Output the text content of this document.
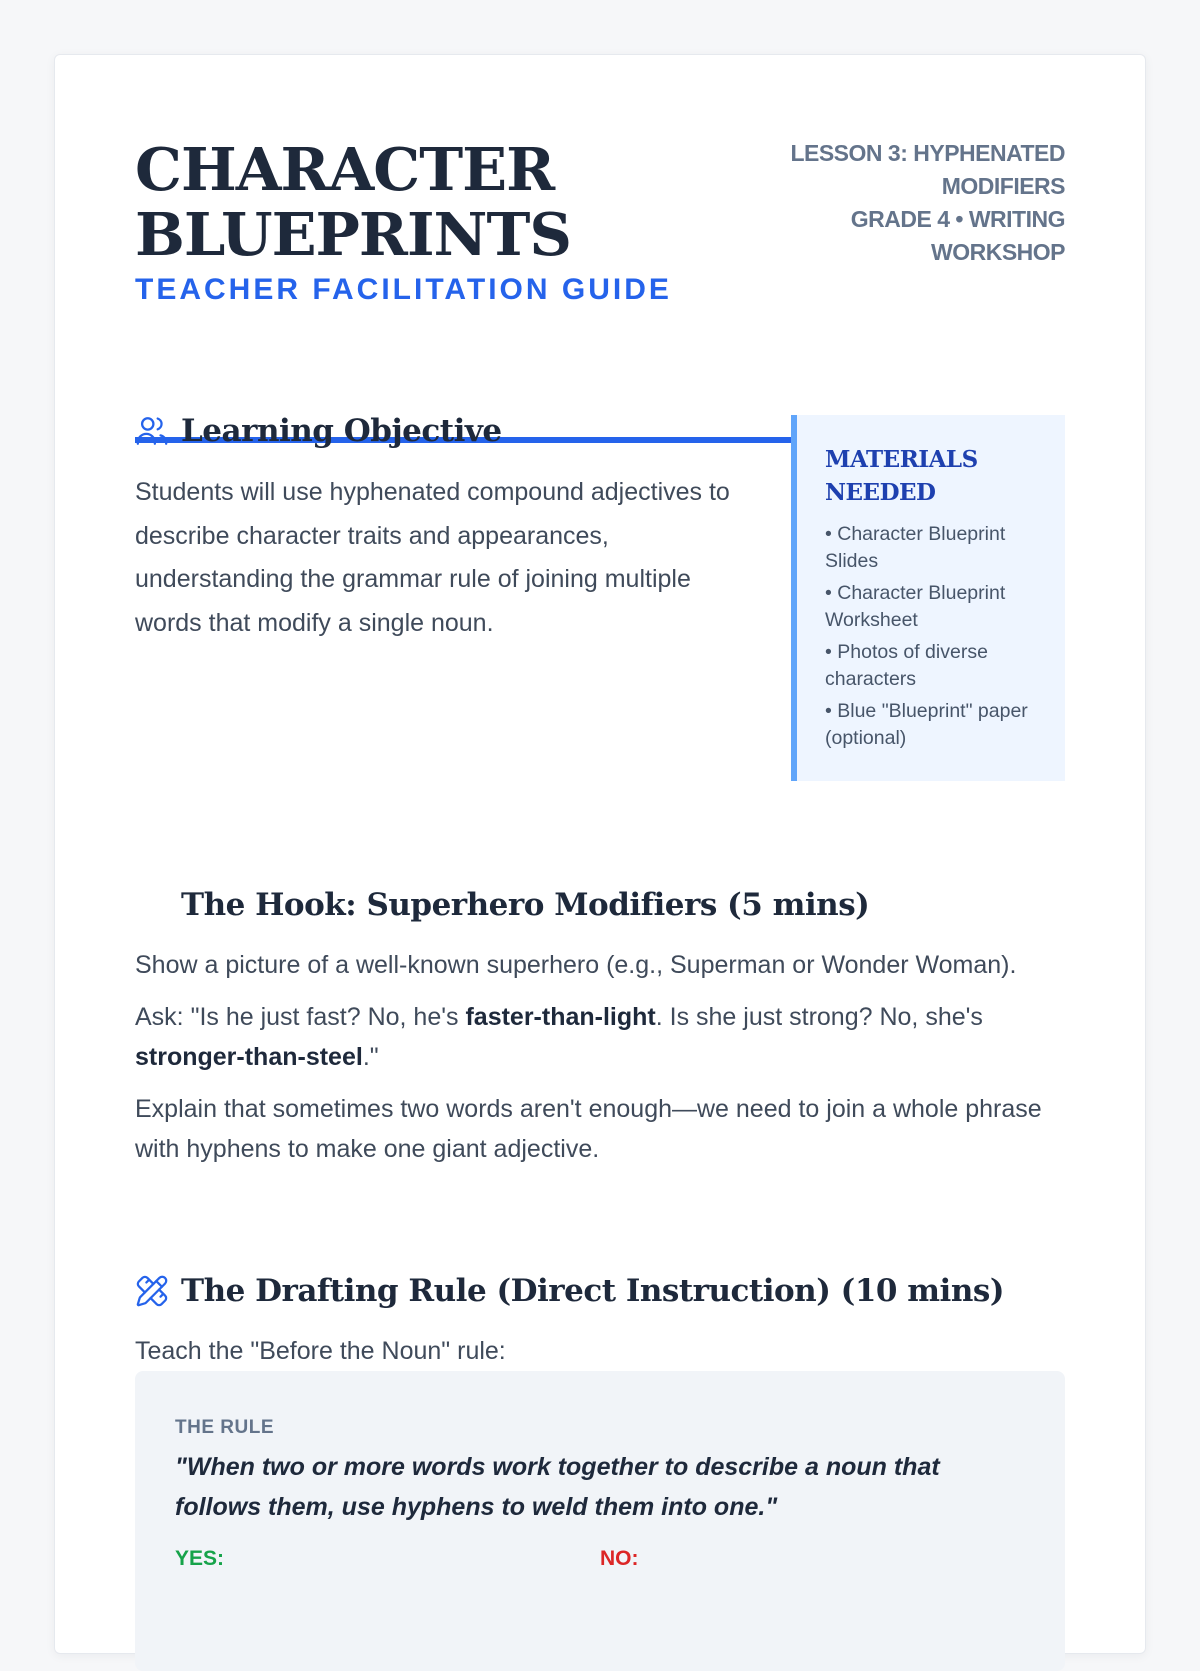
CHARACTER
BLUEPRINTS
TEACHER FACILITATION GUIDE
LESSON 3: HYPHENATED
MODIFIERS
GRADE 4 • WRITING
WORKSHOP
Learning Objective

Students will use hyphenated compound adjectives to describe character traits and appearances, understanding the grammar rule of joining multiple words that modify a single noun.

MATERIALS
NEEDED
• Character Blueprint Slides
• Character Blueprint Worksheet
• Photos of diverse characters
• Blue "Blueprint" paper (optional)
The Hook: Superhero Modifiers (5 mins)

Show a picture of a well-known superhero (e.g., Superman or Wonder Woman).

Ask: "Is he just fast? No, he's faster-than-light. Is she just strong? No, she's stronger-than-steel."

Explain that sometimes two words aren't enough—we need to join a whole phrase with hyphens to make one giant adjective.

The Drafting Rule (Direct Instruction) (10 mins)

Teach the "Before the Noun" rule:

THE RULE
"When two or more words work together to describe a noun that follows them, use hyphens to weld them into one."
YES:	NO:
